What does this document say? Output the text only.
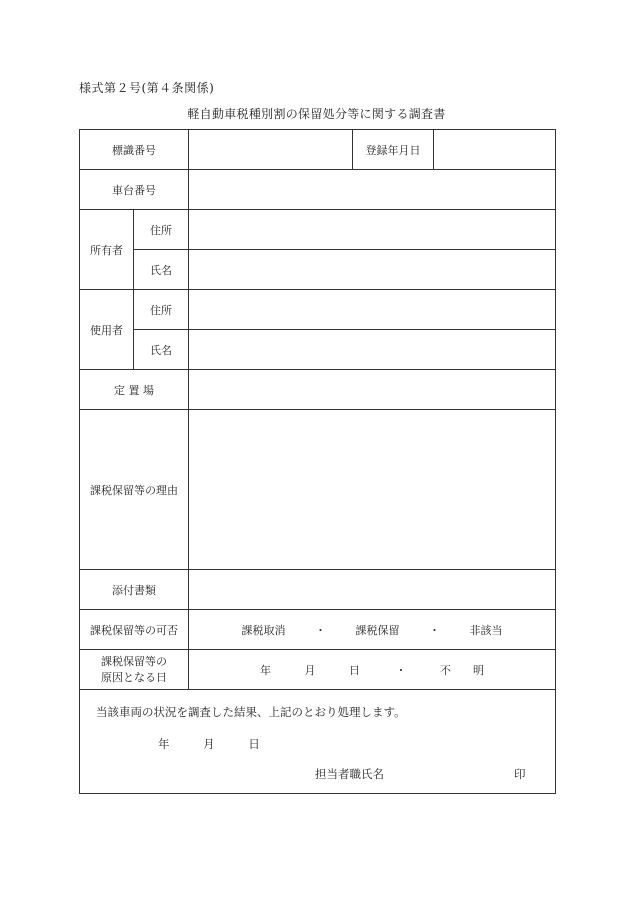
様式第２号(第４条関係)
軽自動車税種別割の保留処分等に関する調査書
標識番号			登録年月日	
車台番号				
所有者	住所			
	氏名			
使用者	住所			
	氏名			
定 置 場				
課税保留等の理由				
添付書類				
課税保留等の可否		課税取消 ・ 課税保留 ・ 非該当		

課税保留等の
原因となる日		年 月 日 ・ 不　　明		

当該車両の状況を調査した結果、上記のとおり処理します。
年 月 日
担当者職氏名 印				
